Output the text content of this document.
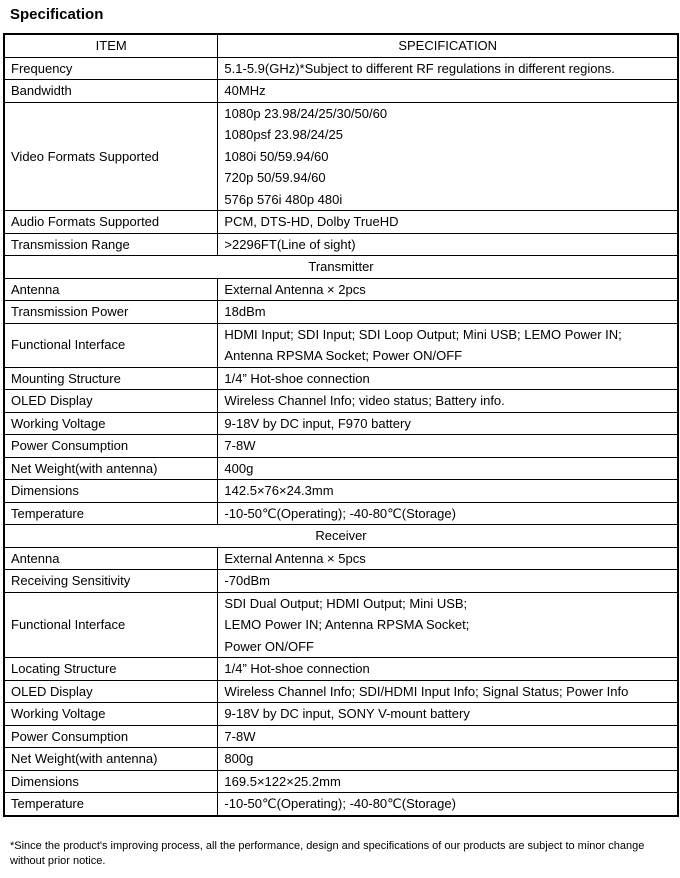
Specification
ITEM	SPECIFICATION
Frequency	5.1-5.9(GHz)*Subject to different RF regulations in different regions.

Bandwidth	40MHz

Video Formats Supported	1080p 23.98/24/25/30/50/60
1080psf 23.98/24/25
1080i 50/59.94/60
720p 50/59.94/60
576p 576i 480p 480i

Audio Formats Supported	PCM, DTS-HD, Dolby TrueHD

Transmission Range	>2296FT(Line of sight)

Transmitter	
Antenna	External Antenna × 2pcs

Transmission Power	18dBm

Functional Interface	HDMI Input; SDI Input; SDI Loop Output; Mini USB; LEMO Power IN;
Antenna RPSMA Socket; Power ON/OFF

Mounting Structure	1/4” Hot-shoe connection

OLED Display	Wireless Channel Info; video status; Battery info.

Working Voltage	9-18V by DC input, F970 battery

Power Consumption	7-8W

Net Weight(with antenna)	400g

Dimensions	142.5×76×24.3mm

Temperature	-10-50℃(Operating); -40-80℃(Storage)

Receiver	
Antenna	External Antenna × 5pcs

Receiving Sensitivity	-70dBm

Functional Interface	SDI Dual Output; HDMI Output; Mini USB;
LEMO Power IN; Antenna RPSMA Socket;
Power ON/OFF

Locating Structure	1/4” Hot-shoe connection

OLED Display	Wireless Channel Info; SDI/HDMI Input Info; Signal Status; Power Info

Working Voltage	9-18V by DC input, SONY V-mount battery

Power Consumption	7-8W

Net Weight(with antenna)	800g

Dimensions	169.5×122×25.2mm

Temperature	-10-50℃(Operating); -40-80℃(Storage)
*Since the product's improving process, all the performance, design and specifications of our products are subject to minor change without prior notice.
